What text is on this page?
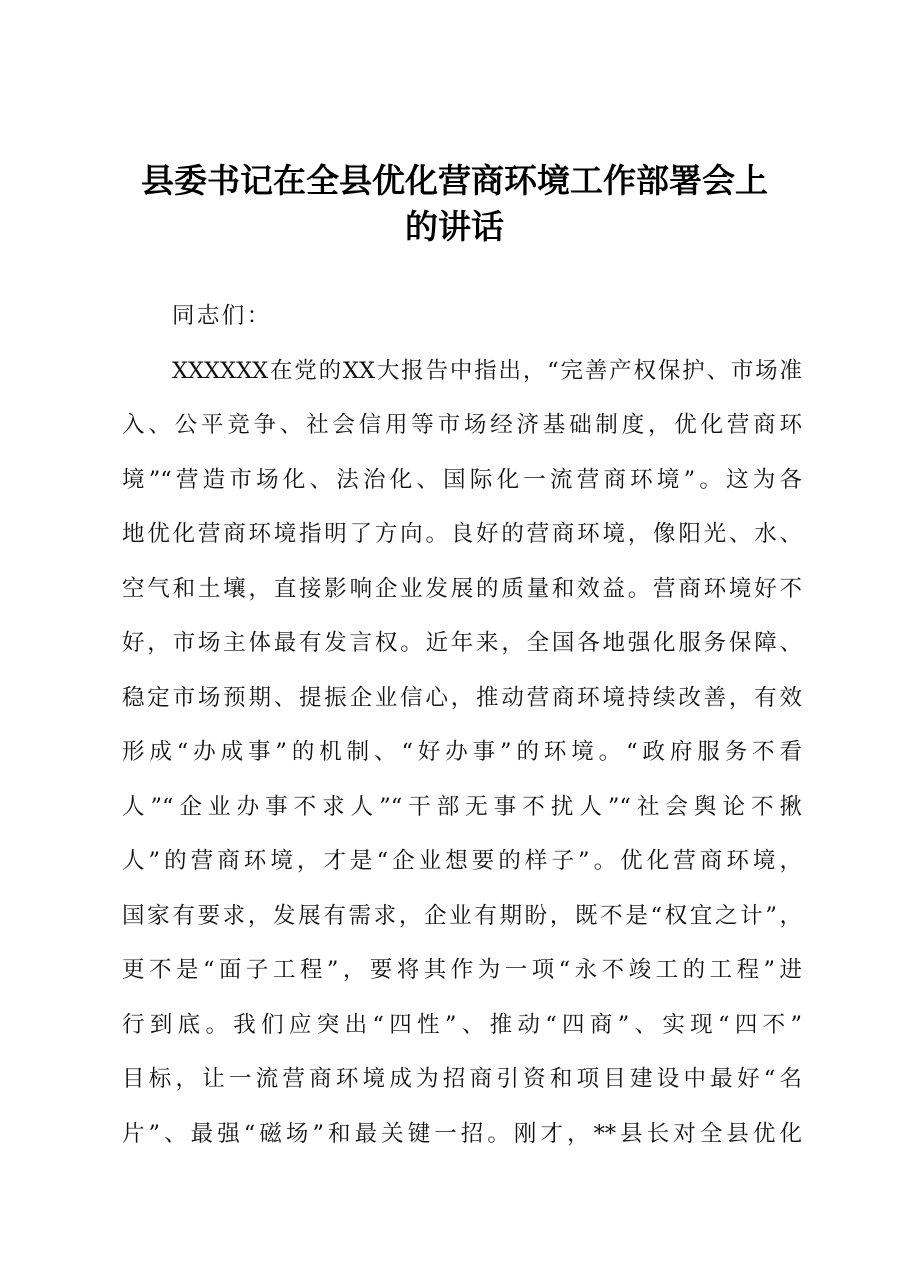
县委书记在全县优化营商环境工作部署会上
的讲话
同志们：
XXXXXX在党的XX大报告中指出，“完善产权保护、市场准
入、公平竞争、社会信用等市场经济基础制度，优化营商环
境”“营造市场化、法治化、国际化一流营商环境”。这为各
地优化营商环境指明了方向。良好的营商环境，像阳光、水、
空气和土壤，直接影响企业发展的质量和效益。营商环境好不
好，市场主体最有发言权。近年来，全国各地强化服务保障、
稳定市场预期、提振企业信心，推动营商环境持续改善，有效
形成“办成事”的机制、“好办事”的环境。“政府服务不看
人”“企业办事不求人”“干部无事不扰人”“社会舆论不揪
人”的营商环境，才是“企业想要的样子”。优化营商环境，
国家有要求，发展有需求，企业有期盼，既不是“权宜之计”，
更不是“面子工程”，要将其作为一项“永不竣工的工程”进
行到底。我们应突出“四性”、推动“四商”、实现“四不”
目标，让一流营商环境成为招商引资和项目建设中最好“名
片”、最强“磁场”和最关键一招。刚才，**县长对全县优化
